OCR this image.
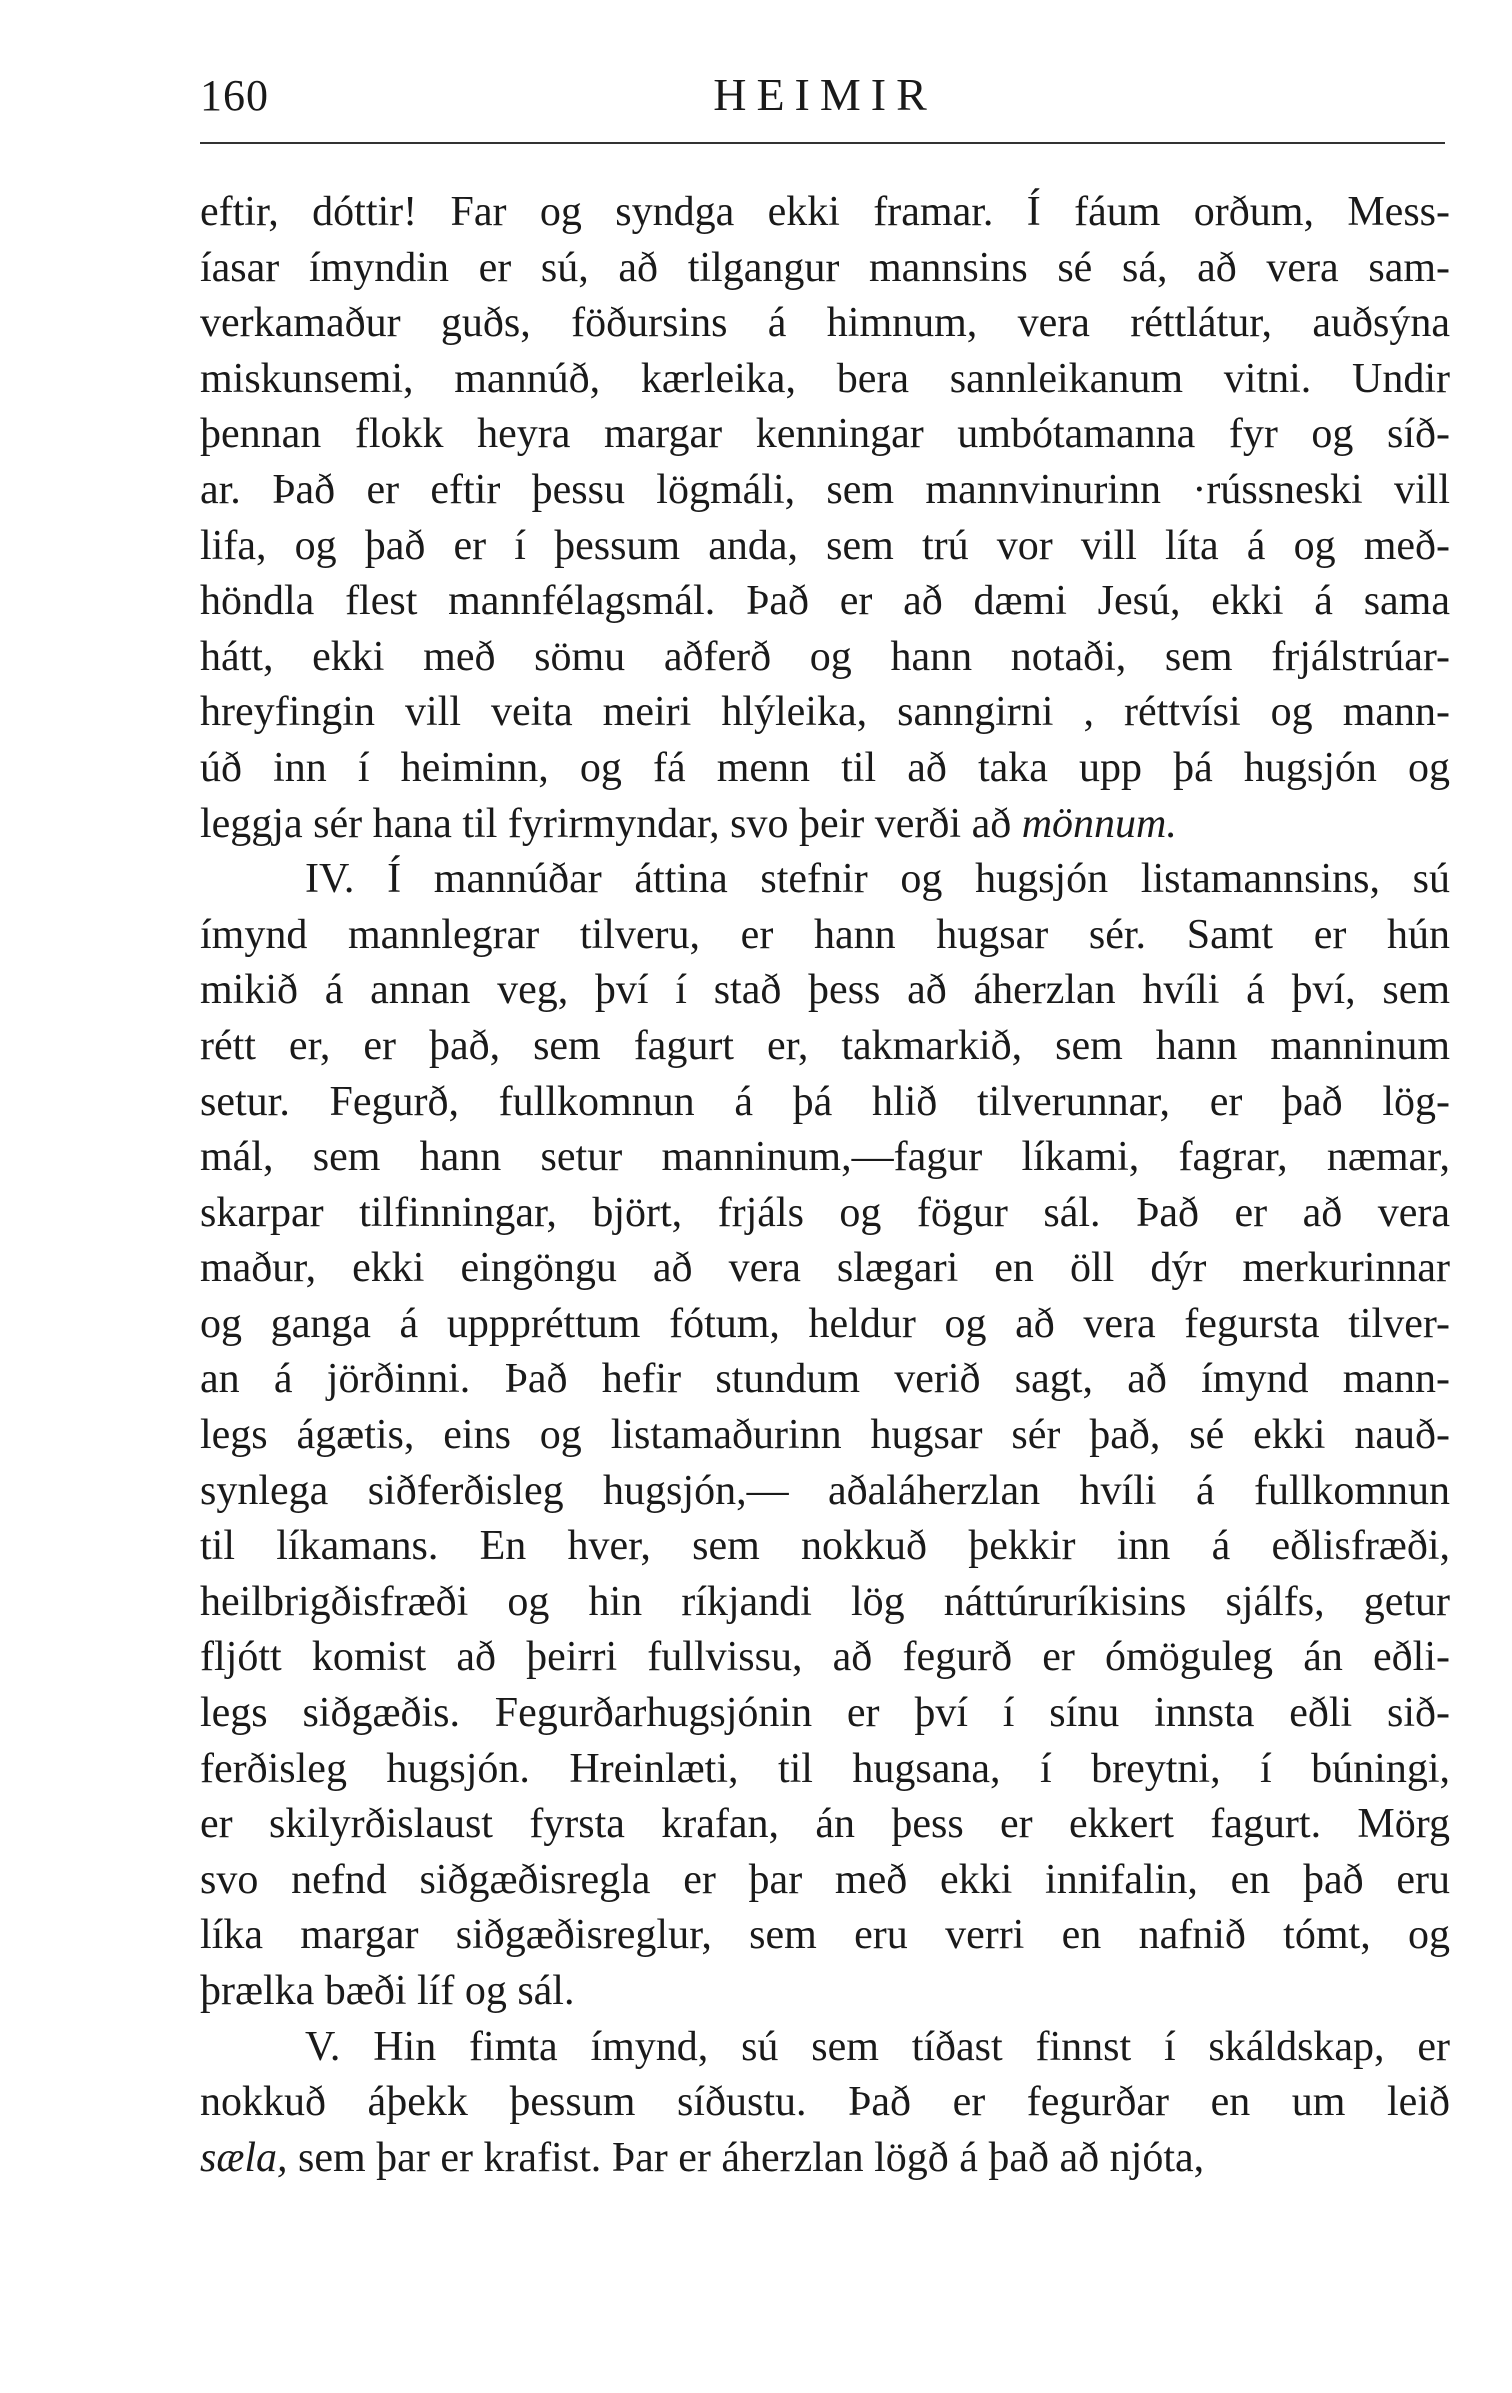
160	HEIMIR
eftir, dóttir! Far og syndga ekki framar. Í fáum orðum, Mess-
íasar ímyndin er sú, að tilgangur mannsins sé sá, að vera sam-
verkamaður guðs, föðursins á himnum, vera réttlátur, auðsýna
miskunsemi, mannúð, kærleika, bera sannleikanum vitni. Undir
þennan flokk heyra margar kenningar umbótamanna fyr og síð-
ar. Það er eftir þessu lögmáli, sem mannvinurinn ·rússneski vill
lifa, og það er í þessum anda, sem trú vor vill líta á og með-
höndla flest mannfélagsmál. Það er að dæmi Jesú, ekki á sama
hátt, ekki með sömu aðferð og hann notaði, sem frjálstrúar-
hreyfingin vill veita meiri hlýleika, sanngirni , réttvísi og mann-
úð inn í heiminn, og fá menn til að taka upp þá hugsjón og
leggja sér hana til fyrirmyndar, svo þeir verði að mönnum.
IV. Í mannúðar áttina stefnir og hugsjón listamannsins, sú
ímynd mannlegrar tilveru, er hann hugsar sér. Samt er hún
mikið á annan veg, því í stað þess að áherzlan hvíli á því, sem
rétt er, er það, sem fagurt er, takmarkið, sem hann manninum
setur. Fegurð, fullkomnun á þá hlið tilverunnar, er það lög-
mál, sem hann setur manninum,—fagur líkami, fagrar, næmar,
skarpar tilfinningar, björt, frjáls og fögur sál. Það er að vera
maður, ekki eingöngu að vera slægari en öll dýr merkurinnar
og ganga á upppréttum fótum, heldur og að vera fegursta tilver-
an á jörðinni. Það hefir stundum verið sagt, að ímynd mann-
legs ágætis, eins og listamaðurinn hugsar sér það, sé ekki nauð-
synlega siðferðisleg hugsjón,— aðaláherzlan hvíli á fullkomnun
til líkamans. En hver, sem nokkuð þekkir inn á eðlisfræði,
heilbrigðisfræði og hin ríkjandi lög náttúruríkisins sjálfs, getur
fljótt komist að þeirri fullvissu, að fegurð er ómöguleg án eðli-
legs siðgæðis. Fegurðarhugsjónin er því í sínu innsta eðli sið-
ferðisleg hugsjón. Hreinlæti, til hugsana, í breytni, í búningi,
er skilyrðislaust fyrsta krafan, án þess er ekkert fagurt. Mörg
svo nefnd siðgæðisregla er þar með ekki innifalin, en það eru
líka margar siðgæðisreglur, sem eru verri en nafnið tómt, og
þrælka bæði líf og sál.
V. Hin fimta ímynd, sú sem tíðast finnst í skáldskap, er
nokkuð áþekk þessum síðustu. Það er fegurðar en um leið
sæla, sem þar er krafist. Þar er áherzlan lögð á það að njóta,
